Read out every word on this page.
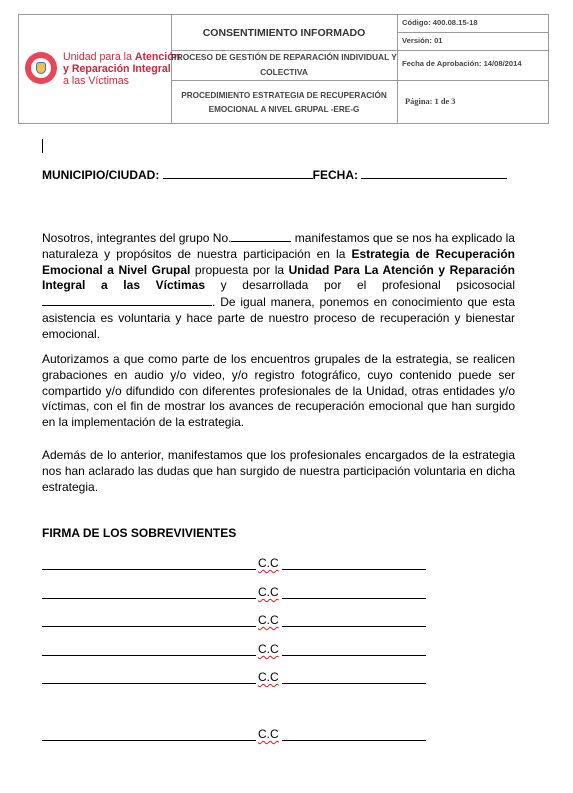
Unidad para la Atención
y Reparación Integral
a las Víctimas
CONSENTIMIENTO INFORMADO
PROCESO DE GESTIÓN DE REPARACIÓN INDIVIDUAL Y COLECTIVA
PROCEDIMIENTO ESTRATEGIA DE RECUPERACIÓN EMOCIONAL A NIVEL GRUPAL -ERE-G
Código: 400.08.15-18
Versión: 01
Fecha de Aprobación: 14/08/2014
Página: 1 de 3
MUNICIPIO/CIUDAD:	FECHA:
Nosotros, integrantes del grupo No.	manifestamos que se nos ha explicado la naturaleza y propósitos de nuestra participación en la Estrategia de Recuperación Emocional a Nivel Grupal propuesta por la Unidad Para La Atención y Reparación Integral a las Víctimas y desarrollada por el profesional psicosocial . De igual manera, ponemos en conocimiento que esta asistencia es voluntaria y hace parte de nuestro proceso de recuperación y bienestar emocional.
Autorizamos a que como parte de los encuentros grupales de la estrategia, se realicen grabaciones en audio y/o video, y/o registro fotográfico, cuyo contenido puede ser compartido y/o difundido con diferentes profesionales de la Unidad, otras entidades y/o víctimas, con el fin de mostrar los avances de recuperación emocional que han surgido en la implementación de la estrategia.
Además de lo anterior, manifestamos que los profesionales encargados de la estrategia nos han aclarado las dudas que han surgido de nuestra participación voluntaria en dicha estrategia.
FIRMA DE LOS SOBREVIVIENTES
C.C
C.C
C.C
C.C
C.C
C.C
